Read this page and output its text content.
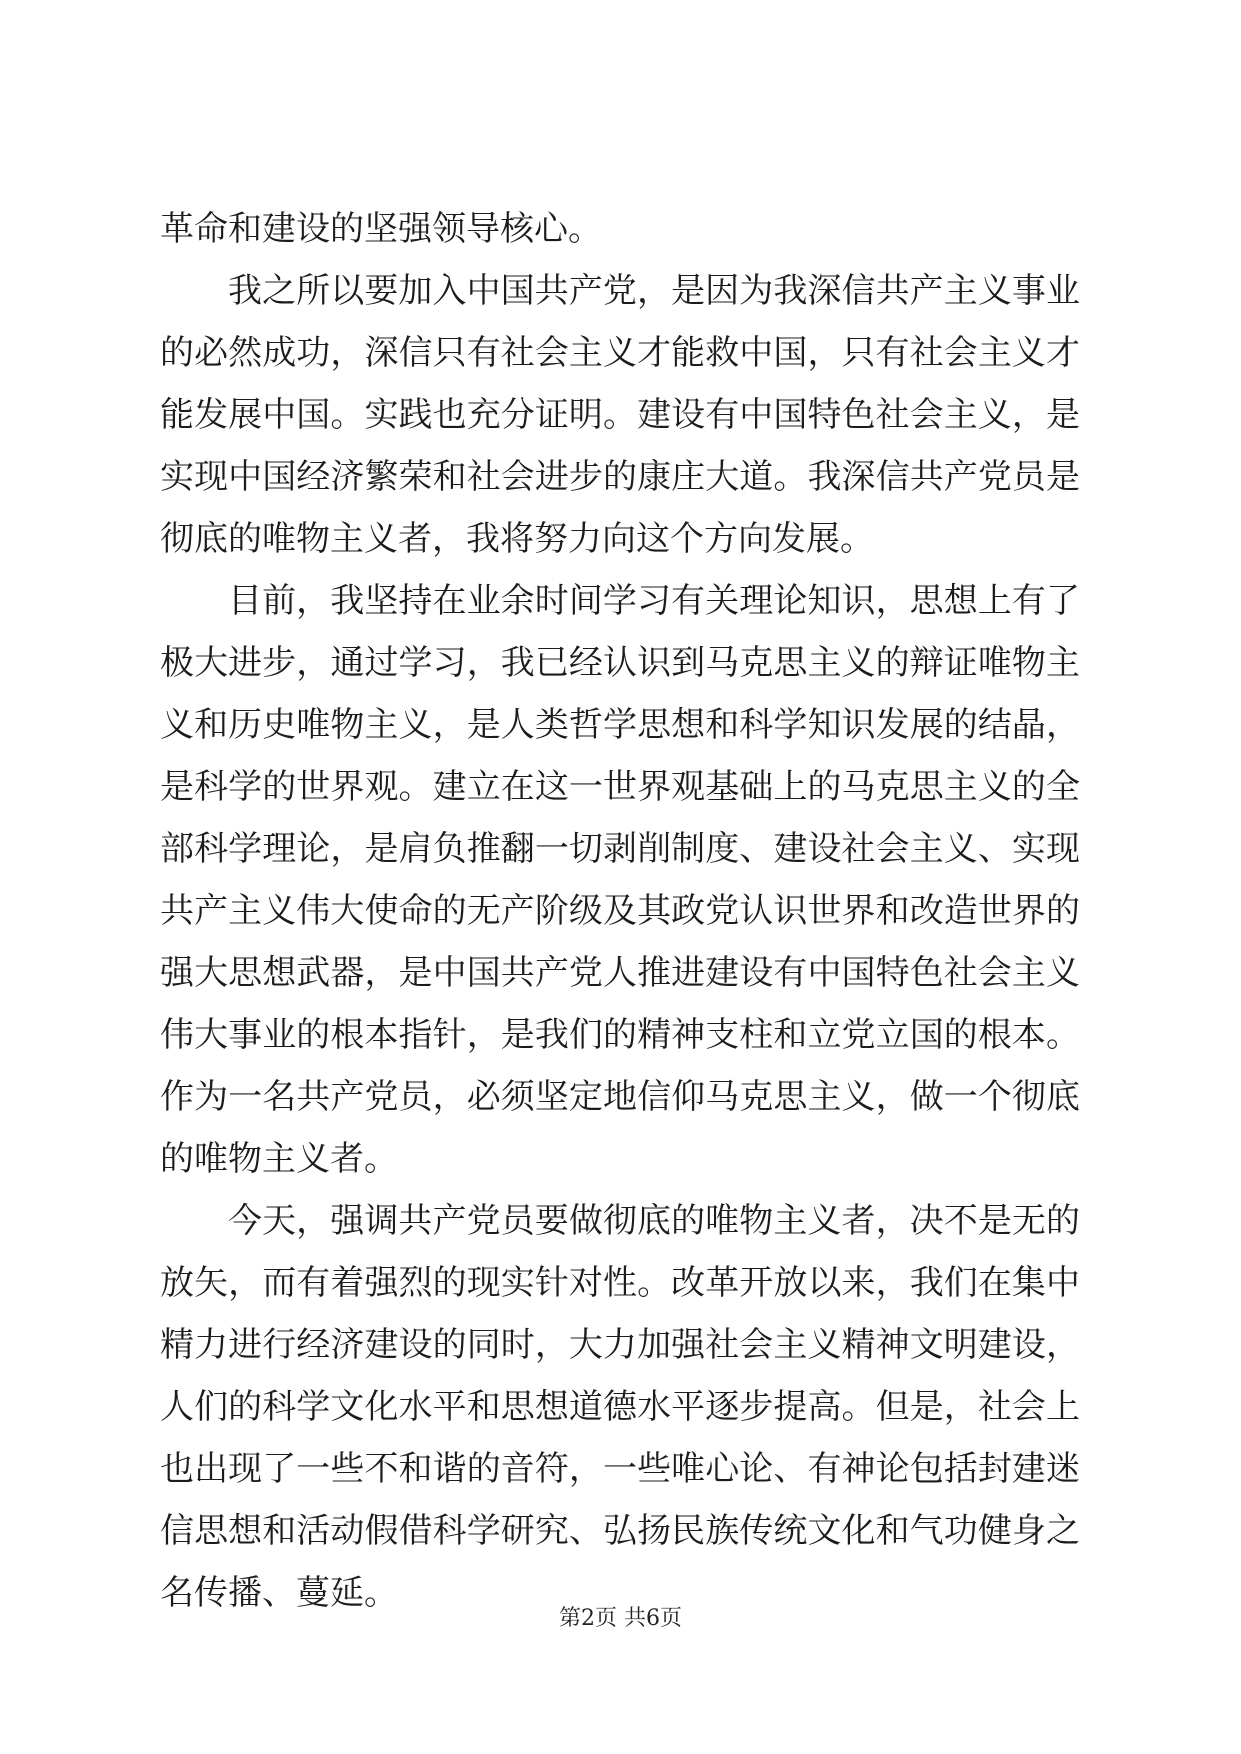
革命和建设的坚强领导核心。

我之所以要加入中国共产党，是因为我深信共产主义事业的必然成功，深信只有社会主义才能救中国，只有社会主义才能发展中国。实践也充分证明。建设有中国特色社会主义，是实现中国经济繁荣和社会进步的康庄大道。我深信共产党员是彻底的唯物主义者，我将努力向这个方向发展。

目前，我坚持在业余时间学习有关理论知识，思想上有了极大进步，通过学习，我已经认识到马克思主义的辩证唯物主义和历史唯物主义，是人类哲学思想和科学知识发展的结晶，是科学的世界观。建立在这一世界观基础上的马克思主义的全部科学理论，是肩负推翻一切剥削制度、建设社会主义、实现共产主义伟大使命的无产阶级及其政党认识世界和改造世界的强大思想武器，是中国共产党人推进建设有中国特色社会主义伟大事业的根本指针，是我们的精神支柱和立党立国的根本。作为一名共产党员，必须坚定地信仰马克思主义，做一个彻底的唯物主义者。

今天，强调共产党员要做彻底的唯物主义者，决不是无的放矢，而有着强烈的现实针对性。改革开放以来，我们在集中精力进行经济建设的同时，大力加强社会主义精神文明建设，人们的科学文化水平和思想道德水平逐步提高。但是，社会上也出现了一些不和谐的音符，一些唯心论、有神论包括封建迷信思想和活动假借科学研究、弘扬民族传统文化和气功健身之名传播、蔓延。

第2页 共6页
